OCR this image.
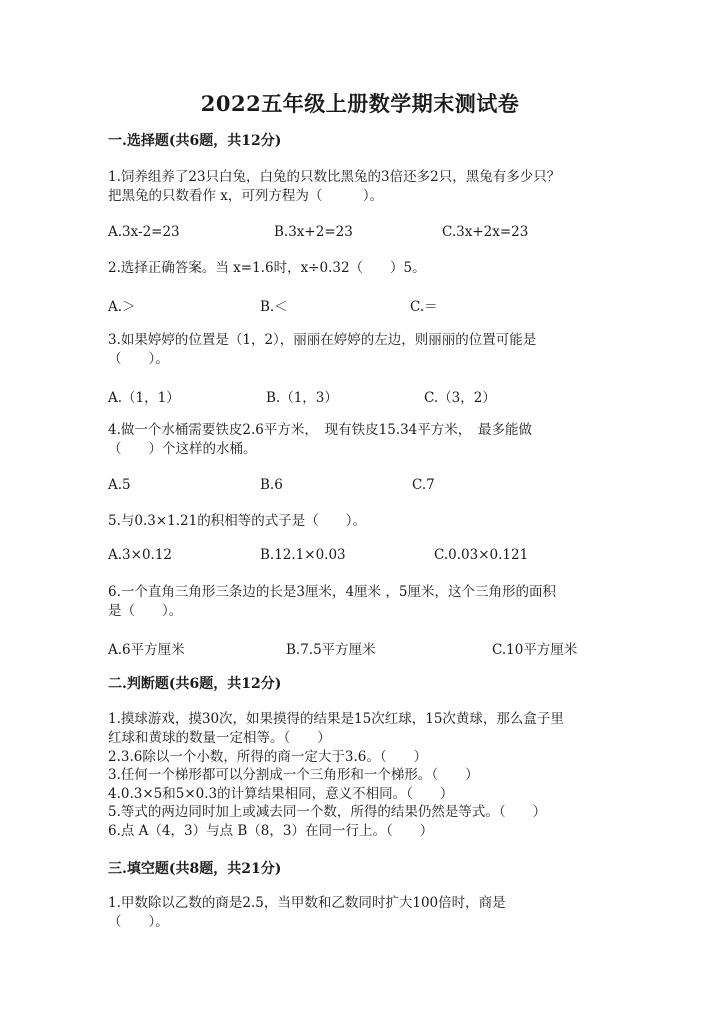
2022五年级上册数学期末测试卷
一.选择题(共6题，共12分)
1.饲养组养了23只白兔，白兔的只数比黑兔的3倍还多2只，黑兔有多少只？
把黑兔的只数看作 x，可列方程为（　　　）。
A.3x-2=23	B.3x+2=23	C.3x+2x=23
2.选择正确答案。当 x=1.6时，x÷0.32（　　）5。
A.＞	B.＜	C.＝
3.如果婷婷的位置是（1，2），丽丽在婷婷的左边，则丽丽的位置可能是
（　　）。
A.（1，1）	B.（1，3）	C.（3，2）
4.做一个水桶需要铁皮2.6平方米，　现有铁皮15.34平方米，　最多能做
（　　）个这样的水桶。
A.5	B.6	C.7
5.与0.3×1.21的积相等的式子是（　　）。
A.3×0.12	B.12.1×0.03	C.0.03×0.121
6.一个直角三角形三条边的长是3厘米，4厘米 ，5厘米，这个三角形的面积
是（　　）。
A.6平方厘米	B.7.5平方厘米	C.10平方厘米
二.判断题(共6题，共12分)

1.摸球游戏，摸30次，如果摸得的结果是15次红球，15次黄球，那么盒子里

红球和黄球的数量一定相等。（　　）

2.3.6除以一个小数，所得的商一定大于3.6。（　　）

3.任何一个梯形都可以分割成一个三角形和一个梯形。（　　）

4.0.3×5和5×0.3的计算结果相同，意义不相同。（　　）

5.等式的两边同时加上或减去同一个数，所得的结果仍然是等式。（　　）

6.点 A（4，3）与点 B（8，3）在同一行上。（　　）

三.填空题(共8题，共21分)
1.甲数除以乙数的商是2.5，当甲数和乙数同时扩大100倍时，商是
（　　）。
